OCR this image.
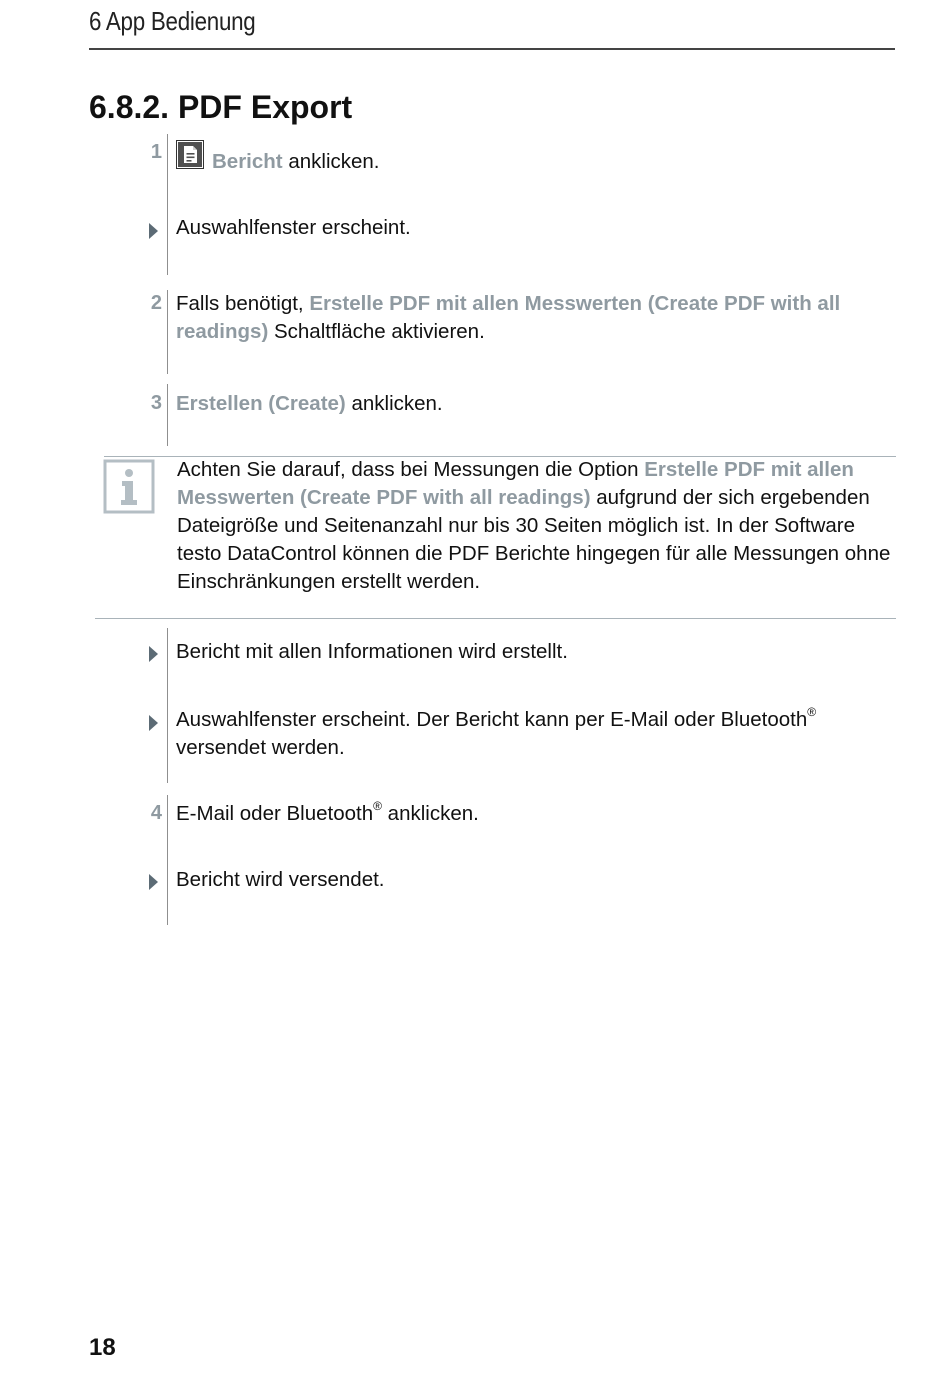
6 App Bedienung
6.8.2. PDF Export
1 Bericht anklicken.
Auswahlfenster erscheint.
2 Falls benötigt, Erstelle PDF mit allen Messwerten (Create PDF with all readings) Schaltfläche aktivieren.
3 Erstellen (Create) anklicken.
Achten Sie darauf, dass bei Messungen die Option Erstelle PDF mit allen Messwerten (Create PDF with all readings) aufgrund der sich ergebenden Dateigröße und Seitenanzahl nur bis 30 Seiten möglich ist. In der Software testo DataControl können die PDF Berichte hingegen für alle Messungen ohne Einschränkungen erstellt werden.
Bericht mit allen Informationen wird erstellt.
Auswahlfenster erscheint. Der Bericht kann per E-Mail oder Bluetooth® versendet werden.
4 E-Mail oder Bluetooth® anklicken.
Bericht wird versendet.
18
